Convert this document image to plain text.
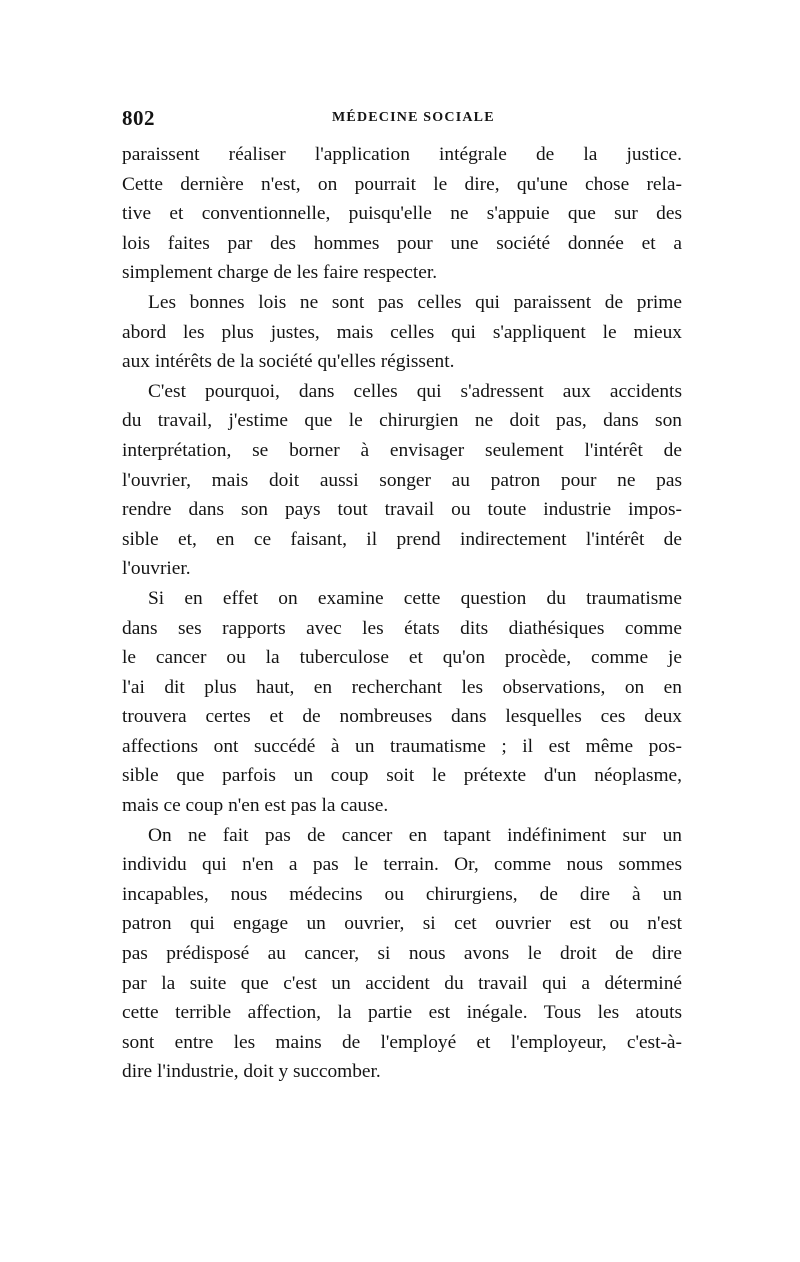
802	MÉDECINE SOCIALE
paraissent réaliser l'application intégrale de la justice.
Cette dernière n'est, on pourrait le dire, qu'une chose rela-
tive et conventionnelle, puisqu'elle ne s'appuie que sur des
lois faites par des hommes pour une société donnée et a
simplement charge de les faire respecter.
Les bonnes lois ne sont pas celles qui paraissent de prime
abord les plus justes, mais celles qui s'appliquent le mieux
aux intérêts de la société qu'elles régissent.
C'est pourquoi, dans celles qui s'adressent aux accidents
du travail, j'estime que le chirurgien ne doit pas, dans son
interprétation, se borner à envisager seulement l'intérêt de
l'ouvrier, mais doit aussi songer au patron pour ne pas
rendre dans son pays tout travail ou toute industrie impos-
sible et, en ce faisant, il prend indirectement l'intérêt de
l'ouvrier.
Si en effet on examine cette question du traumatisme
dans ses rapports avec les états dits diathésiques comme
le cancer ou la tuberculose et qu'on procède, comme je
l'ai dit plus haut, en recherchant les observations, on en
trouvera certes et de nombreuses dans lesquelles ces deux
affections ont succédé à un traumatisme ; il est même pos-
sible que parfois un coup soit le prétexte d'un néoplasme,
mais ce coup n'en est pas la cause.
On ne fait pas de cancer en tapant indéfiniment sur un
individu qui n'en a pas le terrain. Or, comme nous sommes
incapables, nous médecins ou chirurgiens, de dire à un
patron qui engage un ouvrier, si cet ouvrier est ou n'est
pas prédisposé au cancer, si nous avons le droit de dire
par la suite que c'est un accident du travail qui a déterminé
cette terrible affection, la partie est inégale. Tous les atouts
sont entre les mains de l'employé et l'employeur, c'est-à-
dire l'industrie, doit y succomber.
